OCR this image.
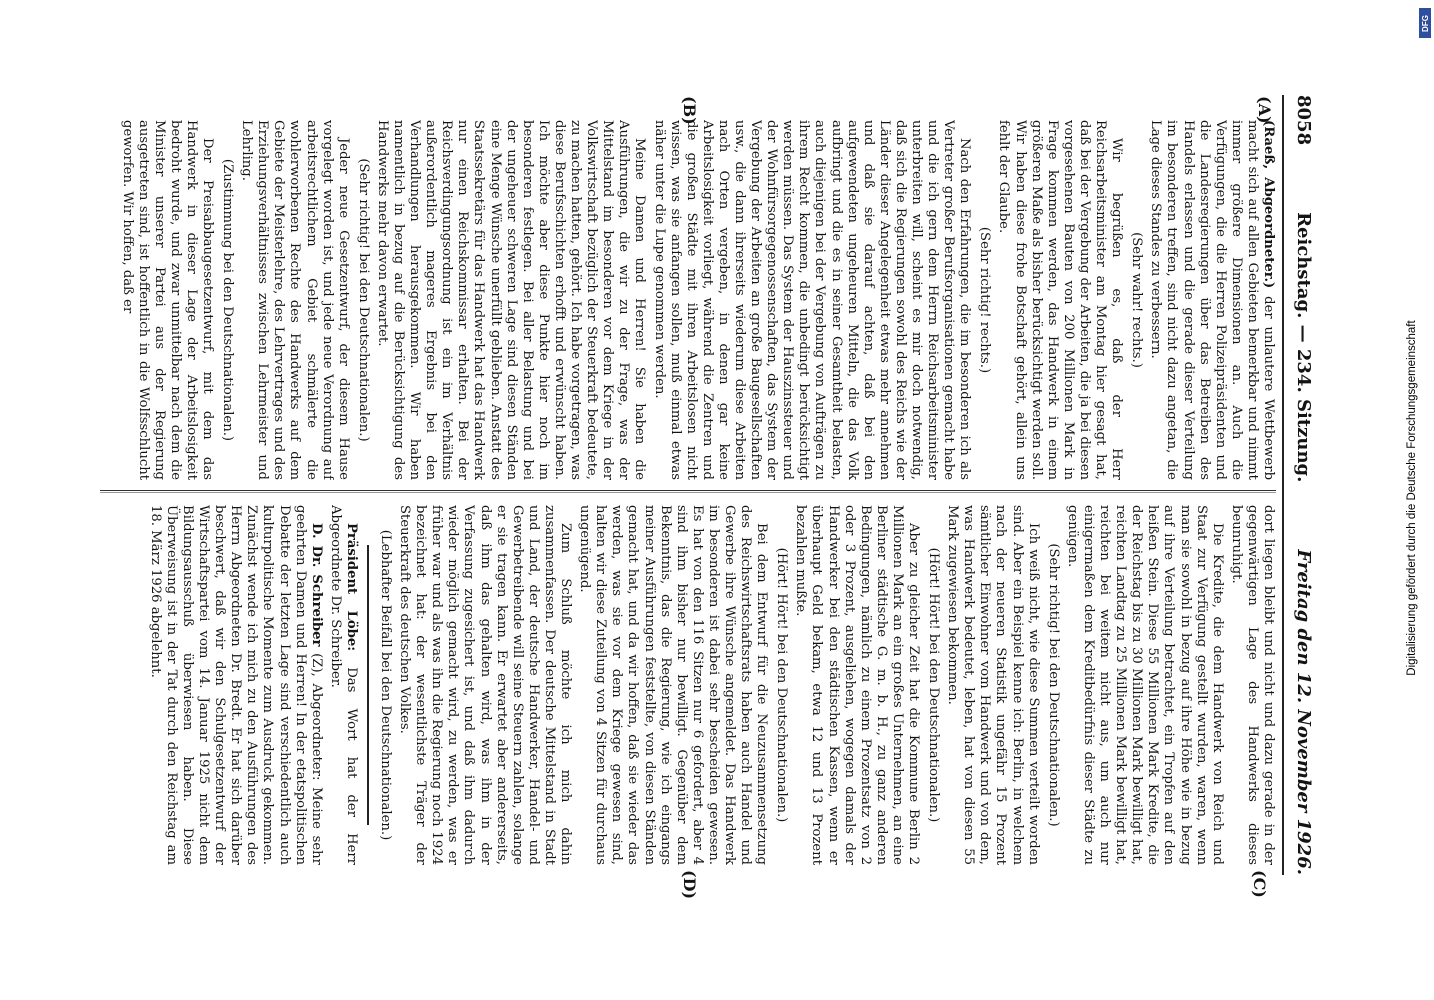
8058
Reichstag. — 234. Sitzung.
Freitag den 12. November 1926.
(A)
(B)
(C)
(D)

(Raeß, Abgeordneter.) der unlautere Wettbewerb macht sich auf allen Gebieten bemerkbar und nimmt immer größere Dimensionen an. Auch die Verfügungen, die die Herren Polizeipräsidenten und die Landesregierungen über das Betreiben des Handels erlassen und die gerade dieser Verteilung im besonderen treffen, sind nicht dazu angetan, die Lage dieses Standes zu verbessern.

(Sehr wahr! rechts.)

Wir begrüßen es, daß der Herr Reichsarbeitsminister am Montag hier gesagt hat, daß bei der Vergebung der Arbeiten, die ja bei diesen vorgesehenen Bauten von 200 Millionen Mark in Frage kommen werden, das Handwerk in einem größeren Maße als bisher berücksichtigt werden soll. Wir haben diese frohe Botschaft gehört, allein uns fehlt der Glaube.

(Sehr richtig! rechts.)

Nach den Erfahrungen, die im besonderen ich als Vertreter großer Berufsorganisationen gemacht habe und die ich gern dem Herrn Reichsarbeitsminister unterbreiten will, scheint es mir doch notwendig, daß sich die Regierungen sowohl des Reichs wie der Länder dieser Angelegenheit etwas mehr annehmen und daß sie darauf achten, daß bei den aufgewendeten ungeheuren Mitteln, die das Volk aufbringt und die es in seiner Gesamtheit belasten, auch diejenigen bei der Vergebung von Aufträgen zu ihrem Recht kommen, die unbedingt berücksichtigt werden müssen. Das System der Hauszinssteuer und der Wohnfürsorgegenossenschaften, das System der Vergebung der Arbeiten an große Baugesellschaften usw., die dann ihrerseits wiederum diese Arbeiten nach Orten vergeben, in denen gar keine Arbeitslosigkeit vorliegt, während die Zentren und die großen Städte mit ihren Arbeitslosen nicht wissen, was sie anfangen sollen, muß einmal etwas näher unter die Lupe genommen werden.

Meine Damen und Herren! Sie haben die Ausführungen, die wir zu der Frage, was der Mittelstand im besonderen vor dem Kriege in der Volkswirtschaft bezüglich der Steuerkraft bedeutete, zu machen hatten, gehört. Ich habe vorgetragen, was diese Berufsschichten erhofft und erwünscht haben. Ich möchte aber diese Punkte hier noch im besonderen festlegen. Bei aller Belastung und bei der ungeheuer schweren Lage sind diesen Ständen eine Menge Wünsche unerfüllt geblieben. Anstatt des Staatssekretärs für das Handwerk hat das Handwerk nur einen Reichskommissar erhalten. Bei der Reichsverdingungsordnung ist ein im Verhältnis außerordentlich mageres Ergebnis bei den Verhandlungen herausgekommen. Wir haben namentlich in bezug auf die Berücksichtigung des Handwerks mehr davon erwartet.

(Sehr richtig! bei den Deutschnationalen.)

Jeder neue Gesetzentwurf, der diesem Hause vorgelegt worden ist, und jede neue Verordnung auf arbeitsrechtlichem Gebiet schmälerte die wohlerworbenen Rechte des Handwerks auf dem Gebiete der Meisterlehre, des Lehrvertrages und des Erziehungsverhältnisses zwischen Lehrmeister und Lehrling.

(Zustimmung bei den Deutschnationalen.)

Der Preisabbaugesetzentwurf, mit dem das Handwerk in dieser Lage der Arbeitslosigkeit bedroht wurde, und zwar unmittelbar nach dem die Minister unserer Partei aus der Regierung ausgetreten sind, ist hoffentlich in die Wolfsschlucht geworfen. Wir hoffen, daß er

dort liegen bleibt und nicht und dazu gerade in der gegenwärtigen Lage des Handwerks dieses beunruhigt.

Die Kredite, die dem Handwerk von Reich und Staat zur Verfügung gestellt wurden, waren, wenn man sie sowohl in bezug auf ihre Höhe wie in bezug auf ihre Verteilung betrachtet, ein Tropfen auf den heißen Stein. Diese 55 Millionen Mark Kredite, die der Reichstag bis zu 30 Millionen Mark bewilligt hat, reichten Landtag zu 25 Millionen Mark bewilligt hat, reichten bei weitem nicht aus, um auch nur einigermaßen dem Kreditbedürfnis dieser Städte zu genügen.

(Sehr richtig! bei den Deutschnationalen.)

Ich weiß nicht, wie diese Summen verteilt worden sind. Aber ein Beispiel kenne ich: Berlin, in welchem nach der neueren Statistik ungefähr 15 Prozent sämtlicher Einwohner vom Handwerk und von dem, was Handwerk bedeutet, leben, hat von diesen 55 Mark zugewiesen bekommen.

(Hört! Hört! bei den Deutschnationalen.)

Aber zu gleicher Zeit hat die Kommune Berlin 2 Millionen Mark an ein großes Unternehmen, an eine Berliner städtische G. m. b. H., zu ganz anderen Bedingungen, nämlich zu einem Prozentsatz von 2 oder 3 Prozent, ausgeliehen, wogegen damals der Handwerker bei den städtischen Kassen, wenn er überhaupt Geld bekam, etwa 12 und 13 Prozent bezahlen mußte.

(Hört! Hört! bei den Deutschnationalen.)

Bei dem Entwurf für die Neuzusammensetzung des Reichswirtschaftsrats haben auch Handel und Gewerbe ihre Wünsche angemeldet. Das Handwerk im besonderen ist dabei sehr bescheiden gewesen. Es hat von den 116 Sitzen nur 6 gefordert, aber 4 sind ihm bisher nur bewilligt. Gegenüber dem Bekenntnis, das die Regierung, wie ich eingangs meiner Ausführungen feststellte, von diesen Ständen gemacht hat, und da wir hoffen, daß sie wieder das werden, was sie vor dem Kriege gewesen sind, halten wir diese Zuteilung von 4 Sitzen für durchaus ungenügend.

Zum Schluß möchte ich mich dahin zusammenfassen. Der deutsche Mittelstand in Stadt und Land, der deutsche Handwerker, Handel- und Gewerbetreibende will seine Steuern zahlen, solange er sie tragen kann. Er erwartet aber andererseits, daß ihm das gehalten wird, was ihm in der Verfassung zugesichert ist, und daß ihm dadurch wieder möglich gemacht wird, zu werden, was er früher war und als was ihn die Regierung noch 1924 bezeichnet hat: der wesentlichste Träger der Steuerkraft des deutschen Volkes.

(Lebhafter Beifall bei den Deutschnationalen.)

Präsident Löbe: Das Wort hat der Herr Abgeordnete Dr. Schreiber.

D. Dr. Schreiber (Z), Abgeordneter: Meine sehr geehrten Damen und Herren! In der etatspolitischen Debatte der letzten Lage sind verschiedentlich auch kulturpolitische Momente zum Ausdruck gekommen. Zunächst wende ich mich zu den Ausführungen des Herrn Abgeordneten Dr. Bredt. Er hat sich darüber beschwert, daß wir den Schulgesetzentwurf der Wirtschaftspartei vom 14. Januar 1925 nicht dem Bildungsausschuß überwiesen haben. Diese Überweisung ist in der Tat durch den Reichstag am 18. März 1926 abgelehnt.	Digitalisierung gefördert durch die Deutsche Forschungsgemeinschaft
DFG
